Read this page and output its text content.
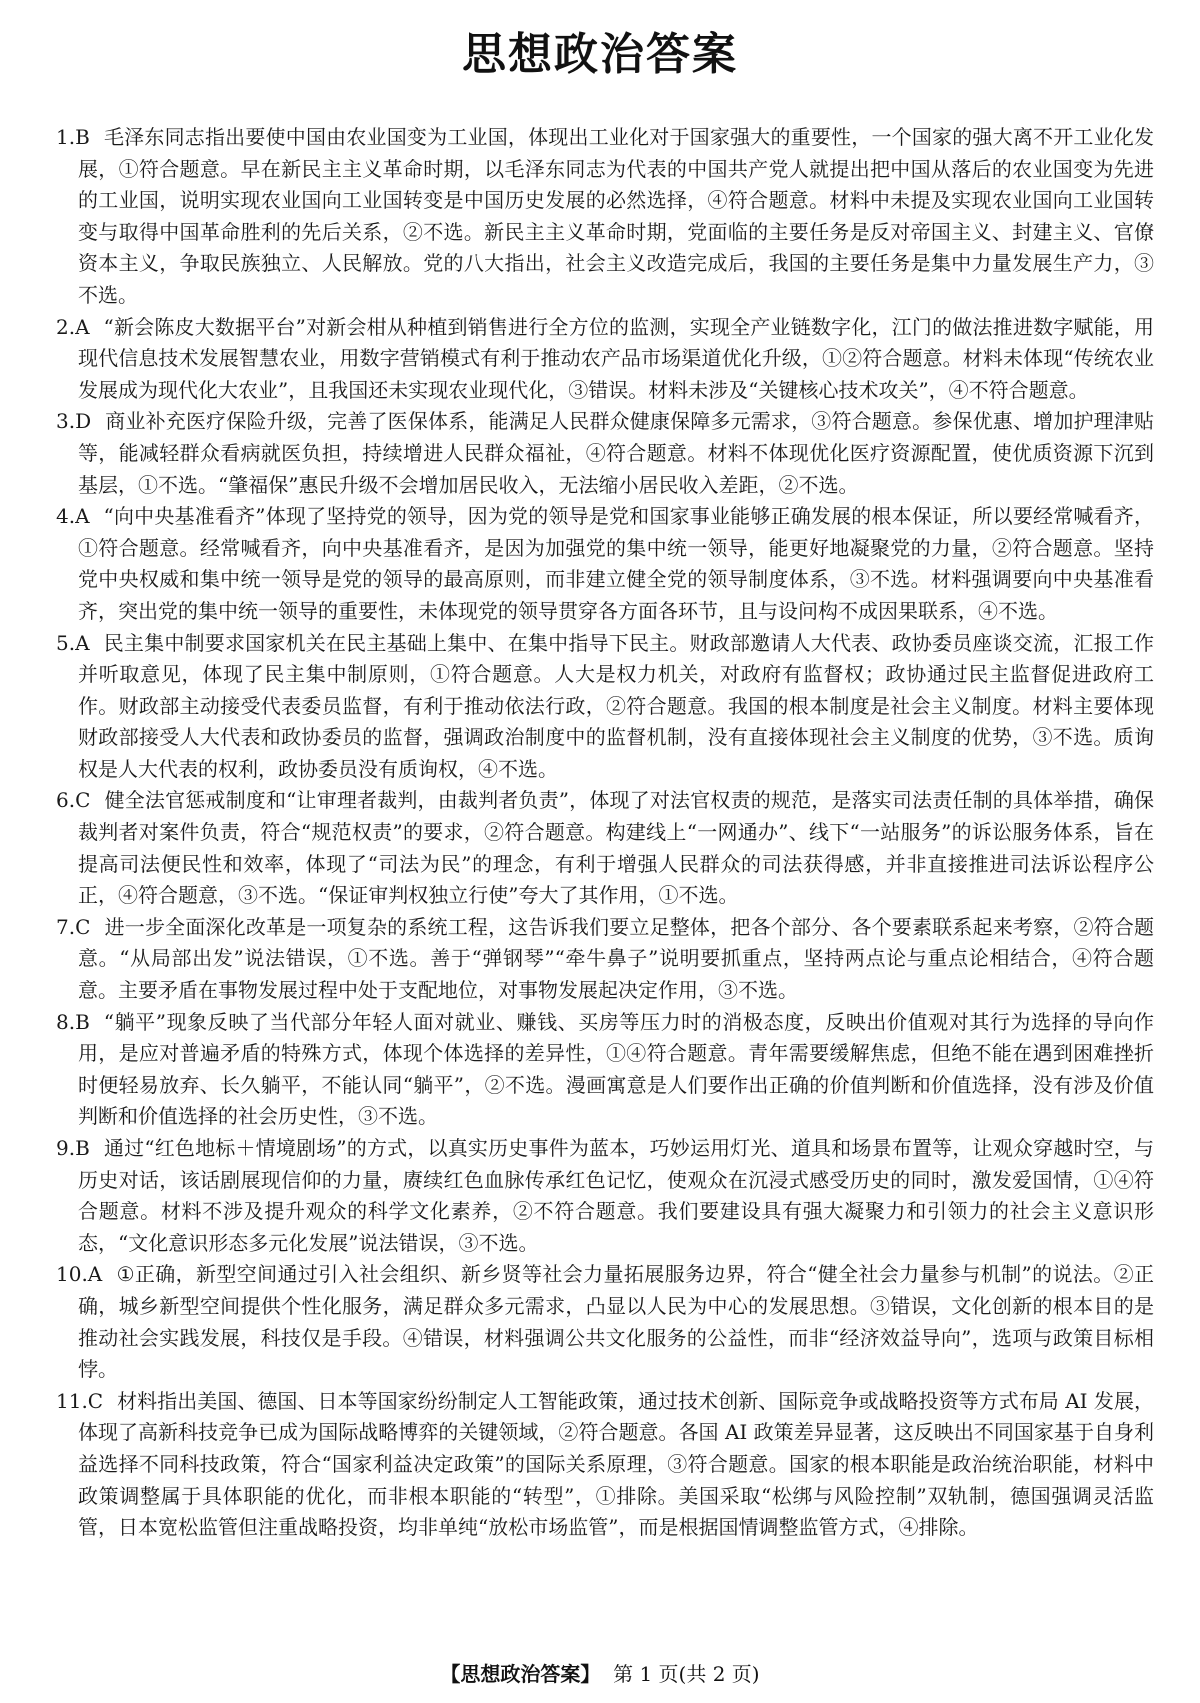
思想政治答案

1.B 毛泽东同志指出要使中国由农业国变为工业国，体现出工业化对于国家强大的重要性，一个国家的强大离不开工业化发展，①符合题意。早在新民主主义革命时期，以毛泽东同志为代表的中国共产党人就提出把中国从落后的农业国变为先进的工业国，说明实现农业国向工业国转变是中国历史发展的必然选择，④符合题意。材料中未提及实现农业国向工业国转变与取得中国革命胜利的先后关系，②不选。新民主主义革命时期，党面临的主要任务是反对帝国主义、封建主义、官僚资本主义，争取民族独立、人民解放。党的八大指出，社会主义改造完成后，我国的主要任务是集中力量发展生产力，③不选。

2.A “新会陈皮大数据平台”对新会柑从种植到销售进行全方位的监测，实现全产业链数字化，江门的做法推进数字赋能，用现代信息技术发展智慧农业，用数字营销模式有利于推动农产品市场渠道优化升级，①②符合题意。材料未体现“传统农业发展成为现代化大农业”，且我国还未实现农业现代化，③错误。材料未涉及“关键核心技术攻关”，④不符合题意。

3.D 商业补充医疗保险升级，完善了医保体系，能满足人民群众健康保障多元需求，③符合题意。参保优惠、增加护理津贴等，能减轻群众看病就医负担，持续增进人民群众福祉，④符合题意。材料不体现优化医疗资源配置，使优质资源下沉到基层，①不选。“肇福保”惠民升级不会增加居民收入，无法缩小居民收入差距，②不选。

4.A “向中央基准看齐”体现了坚持党的领导，因为党的领导是党和国家事业能够正确发展的根本保证，所以要经常喊看齐，①符合题意。经常喊看齐，向中央基准看齐，是因为加强党的集中统一领导，能更好地凝聚党的力量，②符合题意。坚持党中央权威和集中统一领导是党的领导的最高原则，而非建立健全党的领导制度体系，③不选。材料强调要向中央基准看齐，突出党的集中统一领导的重要性，未体现党的领导贯穿各方面各环节，且与设问构不成因果联系，④不选。

5.A 民主集中制要求国家机关在民主基础上集中、在集中指导下民主。财政部邀请人大代表、政协委员座谈交流，汇报工作并听取意见，体现了民主集中制原则，①符合题意。人大是权力机关，对政府有监督权；政协通过民主监督促进政府工作。财政部主动接受代表委员监督，有利于推动依法行政，②符合题意。我国的根本制度是社会主义制度。材料主要体现财政部接受人大代表和政协委员的监督，强调政治制度中的监督机制，没有直接体现社会主义制度的优势，③不选。质询权是人大代表的权利，政协委员没有质询权，④不选。

6.C 健全法官惩戒制度和“让审理者裁判，由裁判者负责”，体现了对法官权责的规范，是落实司法责任制的具体举措，确保裁判者对案件负责，符合“规范权责”的要求，②符合题意。构建线上“一网通办”、线下“一站服务”的诉讼服务体系，旨在提高司法便民性和效率，体现了“司法为民”的理念，有利于增强人民群众的司法获得感，并非直接推进司法诉讼程序公正，④符合题意，③不选。“保证审判权独立行使”夸大了其作用，①不选。

7.C 进一步全面深化改革是一项复杂的系统工程，这告诉我们要立足整体，把各个部分、各个要素联系起来考察，②符合题意。“从局部出发”说法错误，①不选。善于“弹钢琴”“牵牛鼻子”说明要抓重点，坚持两点论与重点论相结合，④符合题意。主要矛盾在事物发展过程中处于支配地位，对事物发展起决定作用，③不选。

8.B “躺平”现象反映了当代部分年轻人面对就业、赚钱、买房等压力时的消极态度，反映出价值观对其行为选择的导向作用，是应对普遍矛盾的特殊方式，体现个体选择的差异性，①④符合题意。青年需要缓解焦虑，但绝不能在遇到困难挫折时便轻易放弃、长久躺平，不能认同“躺平”，②不选。漫画寓意是人们要作出正确的价值判断和价值选择，没有涉及价值判断和价值选择的社会历史性，③不选。

9.B 通过“红色地标＋情境剧场”的方式，以真实历史事件为蓝本，巧妙运用灯光、道具和场景布置等，让观众穿越时空，与历史对话，该话剧展现信仰的力量，赓续红色血脉传承红色记忆，使观众在沉浸式感受历史的同时，激发爱国情，①④符合题意。材料不涉及提升观众的科学文化素养，②不符合题意。我们要建设具有强大凝聚力和引领力的社会主义意识形态，“文化意识形态多元化发展”说法错误，③不选。

10.A ①正确，新型空间通过引入社会组织、新乡贤等社会力量拓展服务边界，符合“健全社会力量参与机制”的说法。②正确，城乡新型空间提供个性化服务，满足群众多元需求，凸显以人民为中心的发展思想。③错误，文化创新的根本目的是推动社会实践发展，科技仅是手段。④错误，材料强调公共文化服务的公益性，而非“经济效益导向”，选项与政策目标相悖。

11.C 材料指出美国、德国、日本等国家纷纷制定人工智能政策，通过技术创新、国际竞争或战略投资等方式布局 AI 发展，体现了高新科技竞争已成为国际战略博弈的关键领域，②符合题意。各国 AI 政策差异显著，这反映出不同国家基于自身利益选择不同科技政策，符合“国家利益决定政策”的国际关系原理，③符合题意。国家的根本职能是政治统治职能，材料中政策调整属于具体职能的优化，而非根本职能的“转型”，①排除。美国采取“松绑与风险控制”双轨制，德国强调灵活监管，日本宽松监管但注重战略投资，均非单纯“放松市场监管”，而是根据国情调整监管方式，④排除。

【思想政治答案】 第 1 页(共 2 页)
